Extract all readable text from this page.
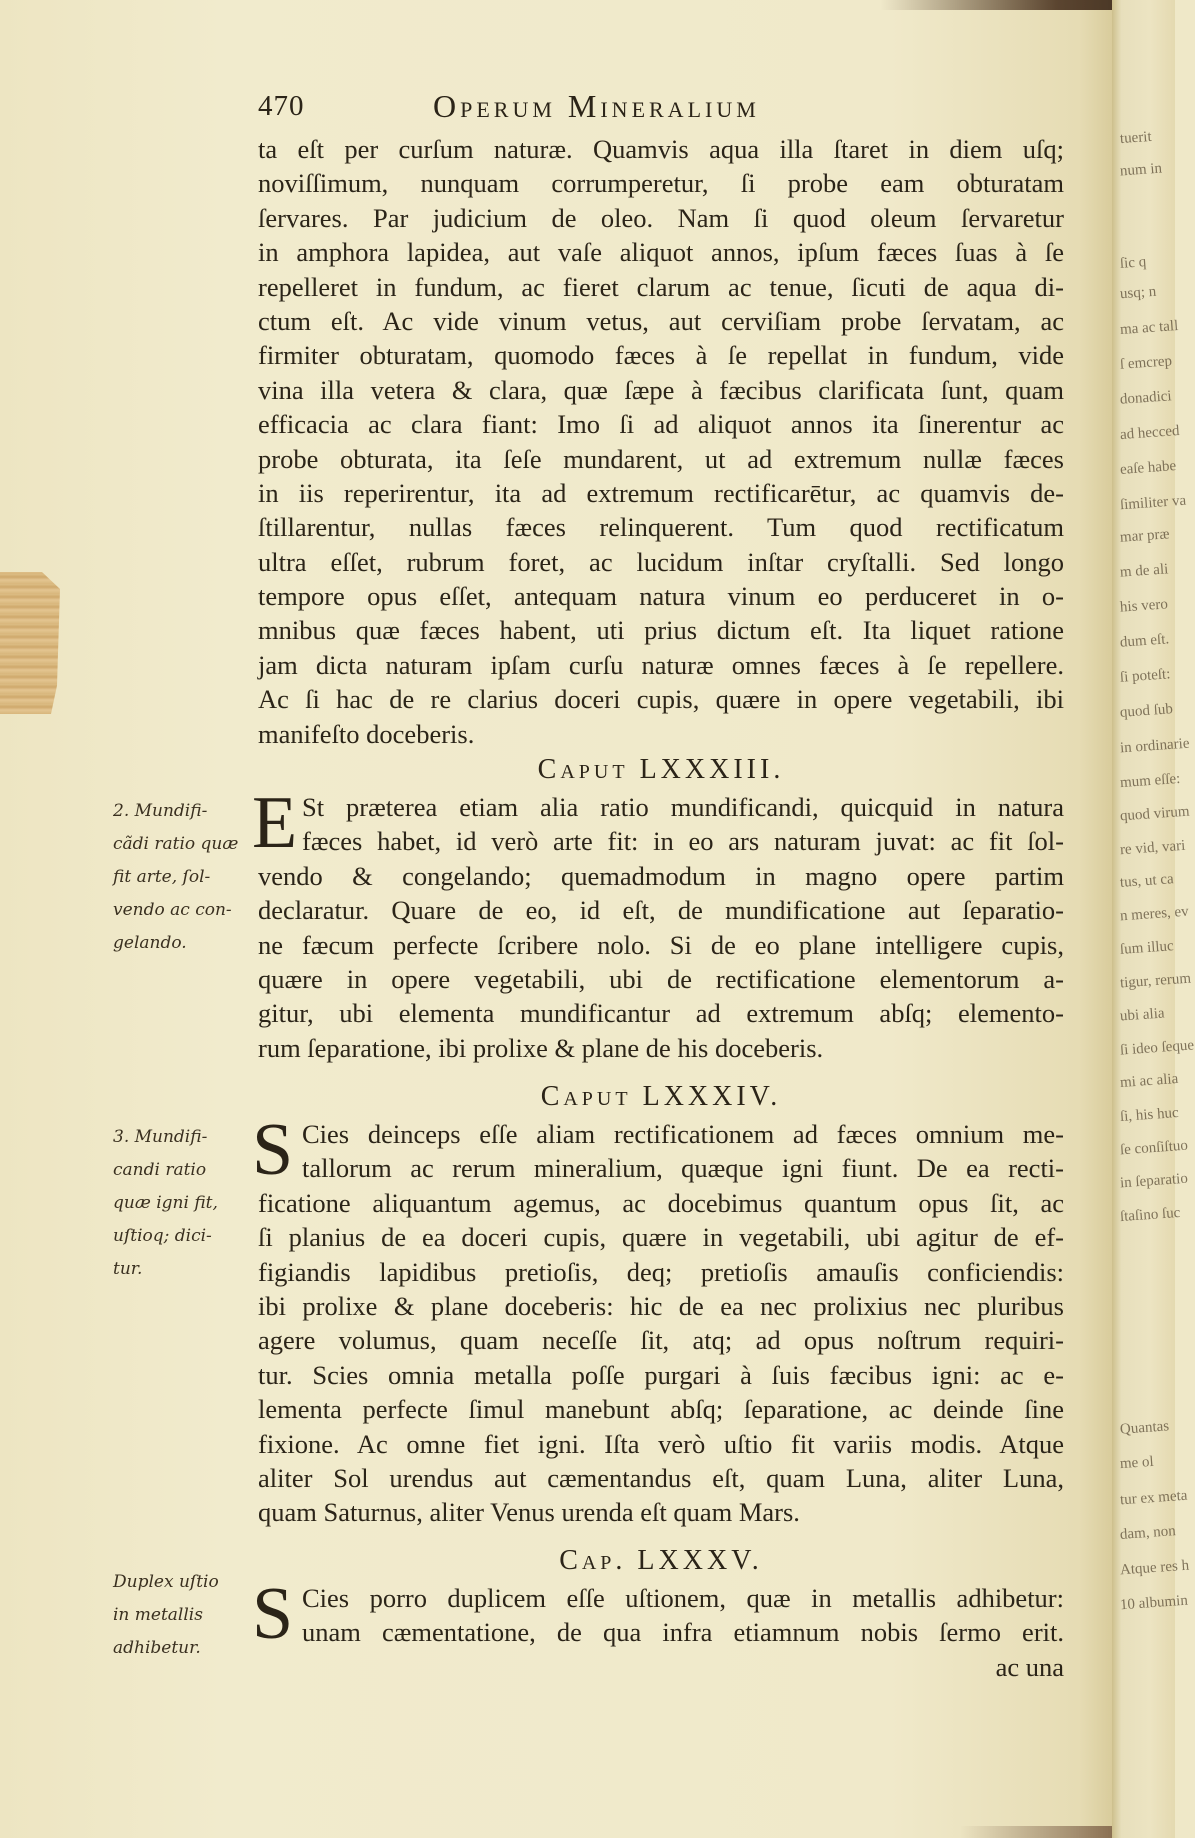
tuerit
num in
ſic q
usq; n
ma ac tall
ſ emcrep
donadici
ad hecced
eaſe habe
ſimiliter va
mar præ
m de ali
his vero
dum eſt.
ſi poteſt:
quod ſub
in ordinarie
mum eſſe:
quod virum
re vid, vari
tus, ut ca
n meres, ev
ſum illuc
tigur, rerum
ubi alia
ſi ideo ſeque
mi ac alia
ſi, his huc
ſe conſiſtuo
in ſeparatio
ſtaſino ſuc
Quantas
me ol
tur ex meta
dam, non
Atque res h
10 albumin
470	Operum Mineralium
ta eſt per curſum naturæ. Quamvis aqua illa ſtaret in diem uſq;
noviſſimum, nunquam corrumperetur, ſi probe eam obturatam
ſervares. Par judicium de oleo. Nam ſi quod oleum ſervaretur
in amphora lapidea, aut vaſe aliquot annos, ipſum fæces ſuas à ſe
repelleret in fundum, ac fieret clarum ac tenue, ſicuti de aqua di-
ctum eſt. Ac vide vinum vetus, aut cerviſiam probe ſervatam, ac
firmiter obturatam, quomodo fæces à ſe repellat in fundum, vide
vina illa vetera & clara, quæ ſæpe à fæcibus clarificata ſunt, quam
efficacia ac clara fiant: Imo ſi ad aliquot annos ita ſinerentur ac
probe obturata, ita ſeſe mundarent, ut ad extremum nullæ fæces
in iis reperirentur, ita ad extremum rectificarētur, ac quamvis de-
ſtillarentur, nullas fæces relinquerent. Tum quod rectificatum
ultra eſſet, rubrum foret, ac lucidum inſtar cryſtalli. Sed longo
tempore opus eſſet, antequam natura vinum eo perduceret in o-
mnibus quæ fæces habent, uti prius dictum eſt. Ita liquet ratione
jam dicta naturam ipſam curſu naturæ omnes fæces à ſe repellere.
Ac ſi hac de re clarius doceri cupis, quære in opere vegetabili, ibi
manifeſto doceberis.
Caput LXXXIII.
E St præterea etiam alia ratio mundificandi, quicquid in natura
fæces habet, id verò arte fit: in eo ars naturam juvat: ac fit ſol-
vendo & congelando; quemadmodum in magno opere partim
declaratur. Quare de eo, id eſt, de mundificatione aut ſeparatio-
ne fæcum perfecte ſcribere nolo. Si de eo plane intelligere cupis,
quære in opere vegetabili, ubi de rectificatione elementorum a-
gitur, ubi elementa mundificantur ad extremum abſq; elemento-
rum ſeparatione, ibi prolixe & plane de his doceberis.
2. Mundifi-
cãdi ratio quæ
fit arte, ſol-
vendo ac con-
gelando.
Caput LXXXIV.
S Cies deinceps eſſe aliam rectificationem ad fæces omnium me-
tallorum ac rerum mineralium, quæque igni fiunt. De ea recti-
ficatione aliquantum agemus, ac docebimus quantum opus ſit, ac
ſi planius de ea doceri cupis, quære in vegetabili, ubi agitur de ef-
figiandis lapidibus pretioſis, deq; pretioſis amauſis conficiendis:
ibi prolixe & plane doceberis: hic de ea nec prolixius nec pluribus
agere volumus, quam neceſſe ſit, atq; ad opus noſtrum requiri-
tur. Scies omnia metalla poſſe purgari à ſuis fæcibus igni: ac e-
lementa perfecte ſimul manebunt abſq; ſeparatione, ac deinde ſine
fixione. Ac omne fiet igni. Iſta verò uſtio fit variis modis. Atque
aliter Sol urendus aut cæmentandus eſt, quam Luna, aliter Luna,
quam Saturnus, aliter Venus urenda eſt quam Mars.
3. Mundifi-
candi ratio
quæ igni fit,
uſtioq; dici-
tur.
Cap. LXXXV.
S Cies porro duplicem eſſe uſtionem, quæ in metallis adhibetur:
unam cæmentatione, de qua infra etiamnum nobis ſermo erit.
ac una
Duplex uſtio
in metallis
adhibetur.
